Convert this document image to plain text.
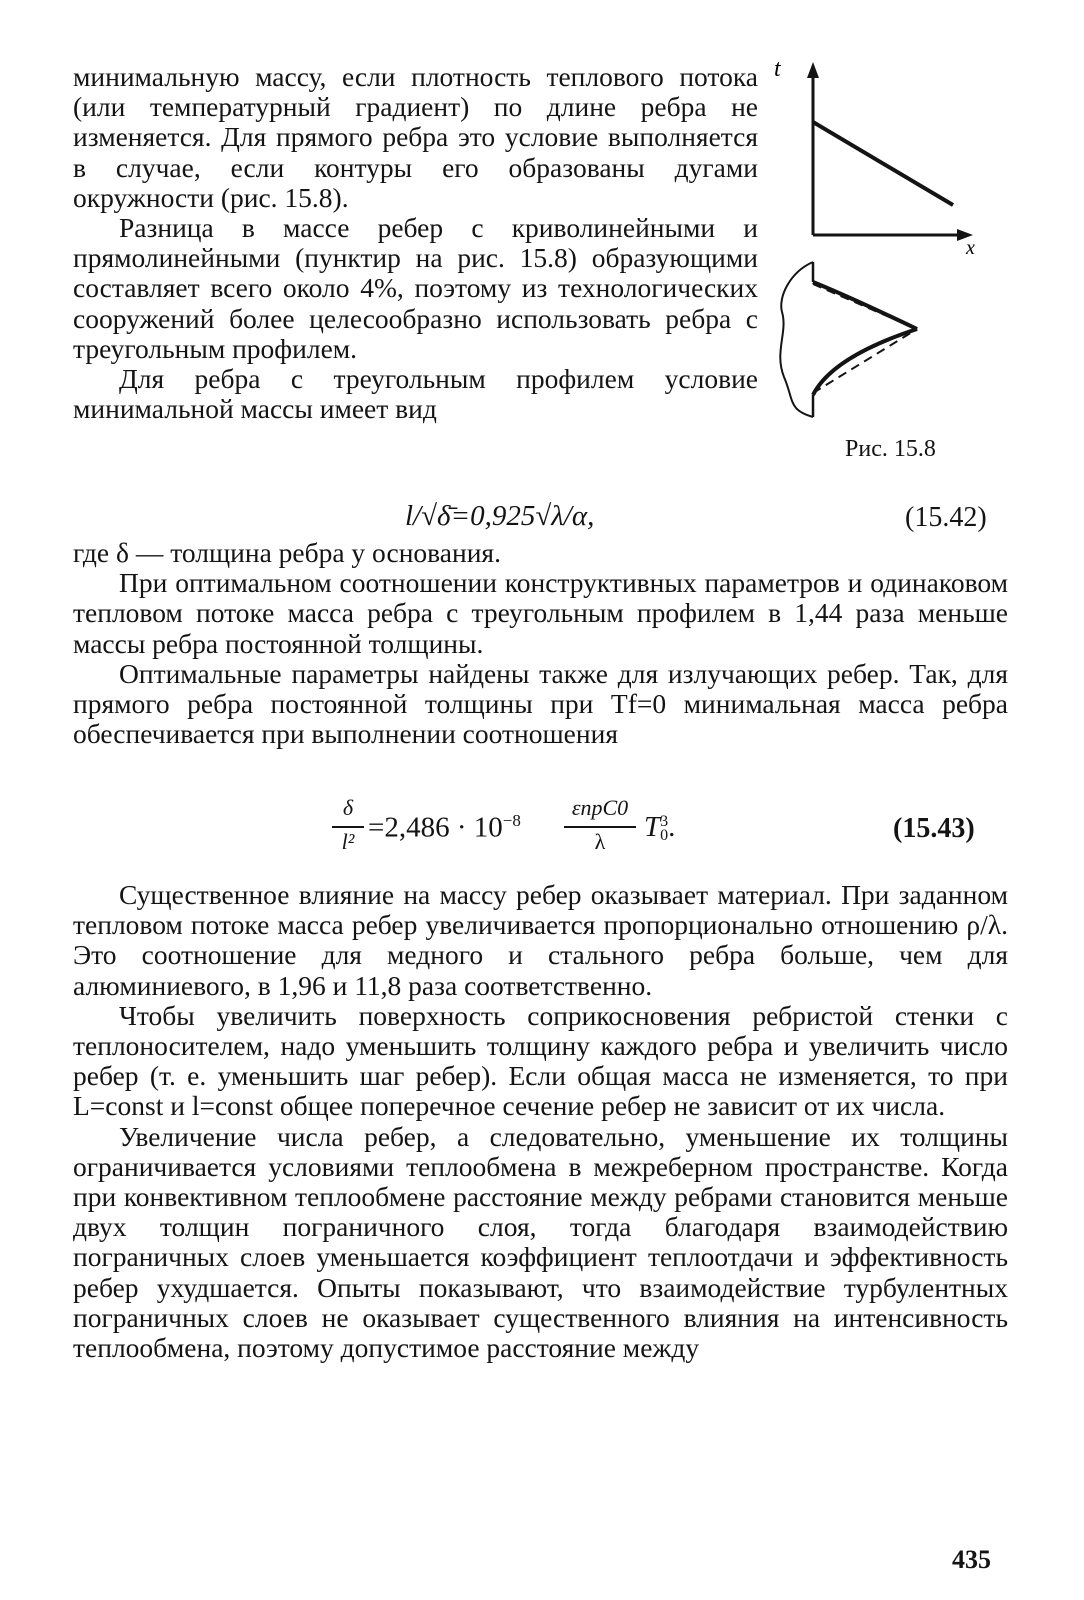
минимальную массу, если плотность теплового потока (или температурный градиент) по длине ребра не изменяется. Для прямого ребра это условие выполняется в случае, если контуры его образованы дугами окружности (рис. 15.8).

Разница в массе ребер с криволинейными и прямолинейными (пунктир на рис. 15.8) образующими составляет всего около 4%, поэтому из технологических сооружений более целесообразно использовать ребра с треугольным профилем.

Для ребра с треугольным профилем условие минимальной массы имеет вид

t
x
Рис. 15.8
l/√δ̄=0,925√λ/α,	(15.42)

где δ — толщина ребра у основания.

При оптимальном соотношении конструктивных параметров и одинаковом тепловом потоке масса ребра с треугольным профилем в 1,44 раза меньше массы ребра постоянной толщины.

Оптимальные параметры найдены также для излучающих ребер. Так, для прямого ребра постоянной толщины при Tf=0 минимальная масса ребра обеспечивается при выполнении соотношения

δ
$l^2 =2,486 \cdot 10^{-8}$
εпрC0
λ	T 3
0 .	(15.43)

Существенное влияние на массу ребер оказывает материал. При заданном тепловом потоке масса ребер увеличивается пропорционально отношению ρ/λ. Это соотношение для медного и стального ребра больше, чем для алюминиевого, в 1,96 и 11,8 раза соответственно.

Чтобы увеличить поверхность соприкосновения ребристой стенки с теплоносителем, надо уменьшить толщину каждого ребра и увеличить число ребер (т. е. уменьшить шаг ребер). Если общая масса не изменяется, то при L=const и l=const общее поперечное сечение ребер не зависит от их числа.

Увеличение числа ребер, а следовательно, уменьшение их толщины ограничивается условиями теплообмена в межреберном пространстве. Когда при конвективном теплообмене расстояние между ребрами становится меньше двух толщин пограничного слоя, тогда благодаря взаимодействию пограничных слоев уменьшается коэффициент теплоотдачи и эффективность ребер ухудшается. Опыты показывают, что взаимодействие турбулентных пограничных слоев не оказывает существенного влияния на интенсивность теплообмена, поэтому допустимое расстояние между

435
